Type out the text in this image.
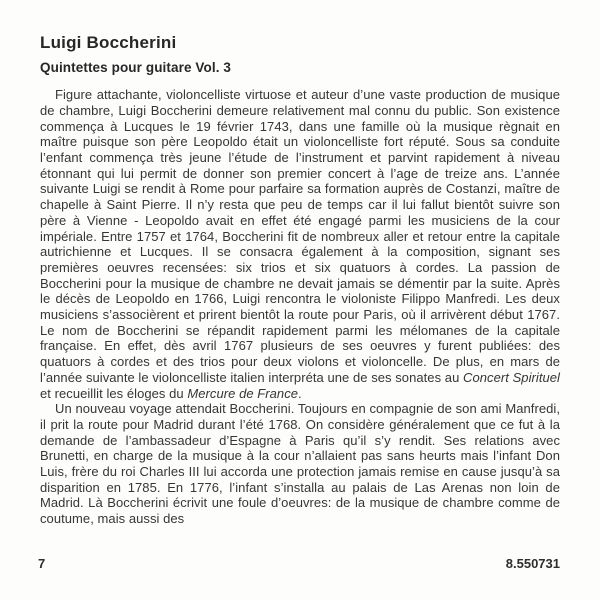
Luigi Boccherini
Quintettes pour guitare Vol. 3

Figure attachante, violoncelliste virtuose et auteur d’une vaste production de musique de chambre, Luigi Boccherini demeure relativement mal connu du public. Son existence commença à Lucques le 19 février 1743, dans une famille où la musique règnait en maître puisque son père Leopoldo était un violoncelliste fort réputé. Sous sa conduite l’enfant commença très jeune l’étude de l’instrument et parvint rapidement à niveau étonnant qui lui permit de donner son premier concert à l’age de treize ans. L’année suivante Luigi se rendit à Rome pour parfaire sa formation auprès de Costanzi, maître de chapelle à Saint Pierre. Il n’y resta que peu de temps car il lui fallut bientôt suivre son père à Vienne - Leopoldo avait en effet été engagé parmi les musiciens de la cour impériale. Entre 1757 et 1764, Boccherini fit de nombreux aller et retour entre la capitale autrichienne et Lucques. Il se consacra également à la composition, signant ses premières oeuvres recensées: six trios et six quatuors à cordes. La passion de Boccherini pour la musique de chambre ne devait jamais se démentir par la suite. Après le décès de Leopoldo en 1766, Luigi rencontra le violoniste Filippo Manfredi. Les deux musiciens s’associèrent et prirent bientôt la route pour Paris, où il arrivèrent début 1767. Le nom de Boccherini se répandit rapidement parmi les mélomanes de la capitale française. En effet, dès avril 1767 plusieurs de ses oeuvres y furent publiées: des quatuors à cordes et des trios pour deux violons et violoncelle. De plus, en mars de l’année suivante le violoncelliste italien interpréta une de ses sonates au Concert Spirituel et recueillit les éloges du Mercure de France.

Un nouveau voyage attendait Boccherini. Toujours en compagnie de son ami Manfredi, il prit la route pour Madrid durant l’été 1768. On considère généralement que ce fut à la demande de l’ambassadeur d’Espagne à Paris qu’il s’y rendit. Ses relations avec Brunetti, en charge de la musique à la cour n’allaient pas sans heurts mais l’infant Don Luis, frère du roi Charles III lui accorda une protection jamais remise en cause jusqu’à sa disparition en 1785. En 1776, l’infant s’installa au palais de Las Arenas non loin de Madrid. Là Boccherini écrivit une foule d’oeuvres: de la musique de chambre comme de coutume, mais aussi des

7	8.550731
